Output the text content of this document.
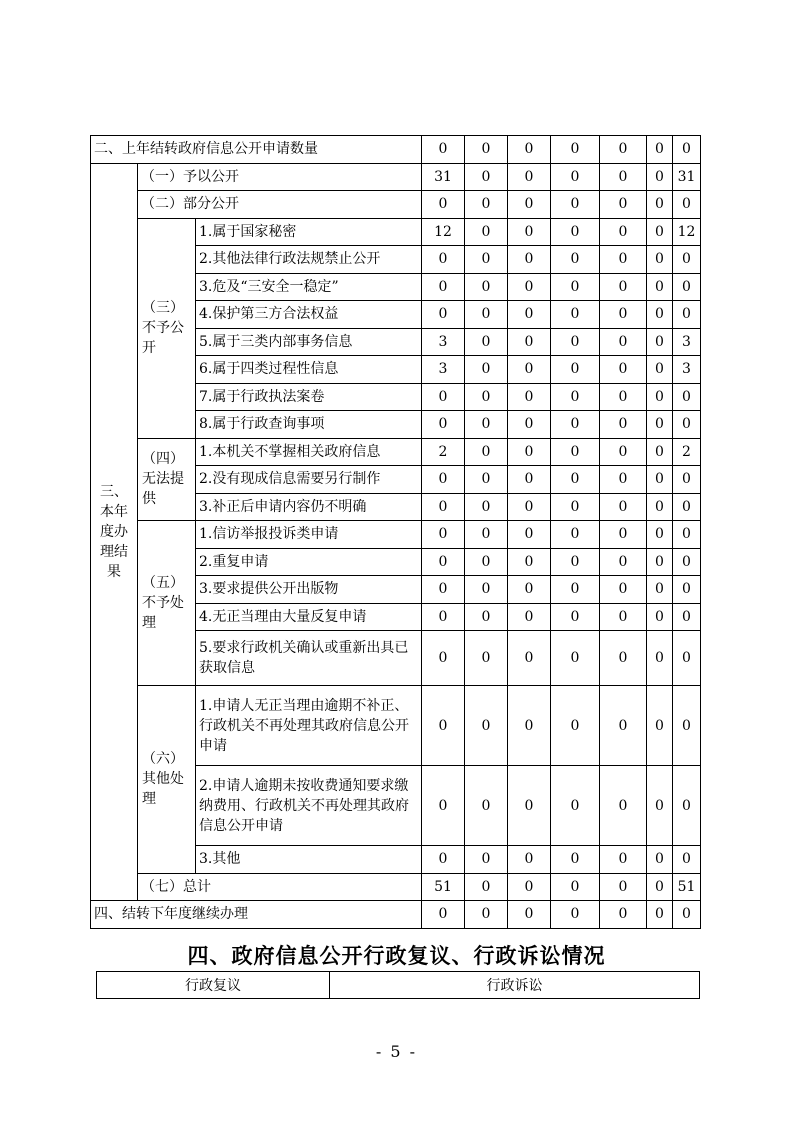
二、上年结转政府信息公开申请数量			0	0	0	0	0	0	0
三、本年度办理结果	（一）予以公开		31	0	0	0	0	0	31
	（二）部分公开		0	0	0	0	0	0	0
	（三）不予公开	1.属于国家秘密	12	0	0	0	0	0	12
		2.其他法律行政法规禁止公开	0	0	0	0	0	0	0
		3.危及“三安全一稳定”	0	0	0	0	0	0	0
		4.保护第三方合法权益	0	0	0	0	0	0	0
		5.属于三类内部事务信息	3	0	0	0	0	0	3
		6.属于四类过程性信息	3	0	0	0	0	0	3
		7.属于行政执法案卷	0	0	0	0	0	0	0
		8.属于行政查询事项	0	0	0	0	0	0	0
	（四）无法提供	1.本机关不掌握相关政府信息	2	0	0	0	0	0	2
		2.没有现成信息需要另行制作	0	0	0	0	0	0	0
		3.补正后申请内容仍不明确	0	0	0	0	0	0	0
	（五）不予处理	1.信访举报投诉类申请	0	0	0	0	0	0	0
		2.重复申请	0	0	0	0	0	0	0
		3.要求提供公开出版物	0	0	0	0	0	0	0
		4.无正当理由大量反复申请	0	0	0	0	0	0	0
		5.要求行政机关确认或重新出具已获取信息	0	0	0	0	0	0	0
	（六）其他处理	1.申请人无正当理由逾期不补正、行政机关不再处理其政府信息公开申请	0	0	0	0	0	0	0
		2.申请人逾期未按收费通知要求缴纳费用、行政机关不再处理其政府信息公开申请	0	0	0	0	0	0	0
		3.其他	0	0	0	0	0	0	0
	（七）总计		51	0	0	0	0	0	51
四、结转下年度继续办理			0	0	0	0	0	0	0
四、政府信息公开行政复议、行政诉讼情况
行政复议	行政诉讼
- 5 -
